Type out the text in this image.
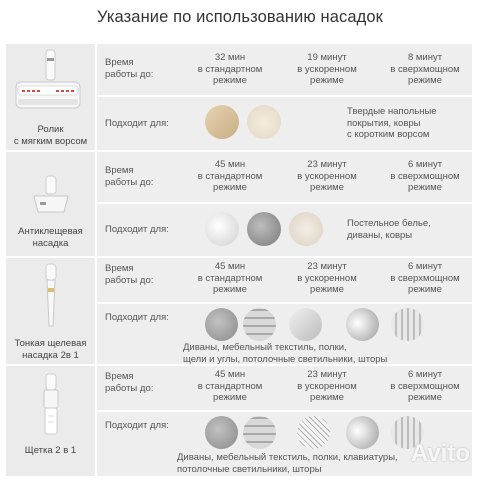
Указание по использованию насадок
Ролик
с мягким ворсом
Время
работы до:
32 мин
в стандартном
режиме
19 минут
в ускоренном
режиме
8 минут
в сверхмощном
режиме
Подходит для:
Твердые напольные
покрытия, ковры
с коротким ворсом
Антиклещевая
насадка
Время
работы до:
45 мин
в стандартном
режиме
23 минут
в ускоренном
режиме
6 минут
в сверхмощном
режиме
Подходит для:
Постельное белье,
диваны, ковры
Тонкая щелевая
насадка 2в 1
Время
работы до:
45 мин
в стандартном
режиме
23 минут
в ускоренном
режиме
6 минут
в сверхмощном
режиме
Подходит для:
Диваны, мебельный текстиль, полки,
щели и углы, потолочные светильники, шторы
Щетка 2 в 1
Время
работы до:
45 мин
в стандартном
режиме
23 минут
в ускоренном
режиме
6 минут
в сверхмощном
режиме
Подходит для:
Диваны, мебельный текстиль, полки, клавиатуры,
потолочные светильники, шторы
Avito
